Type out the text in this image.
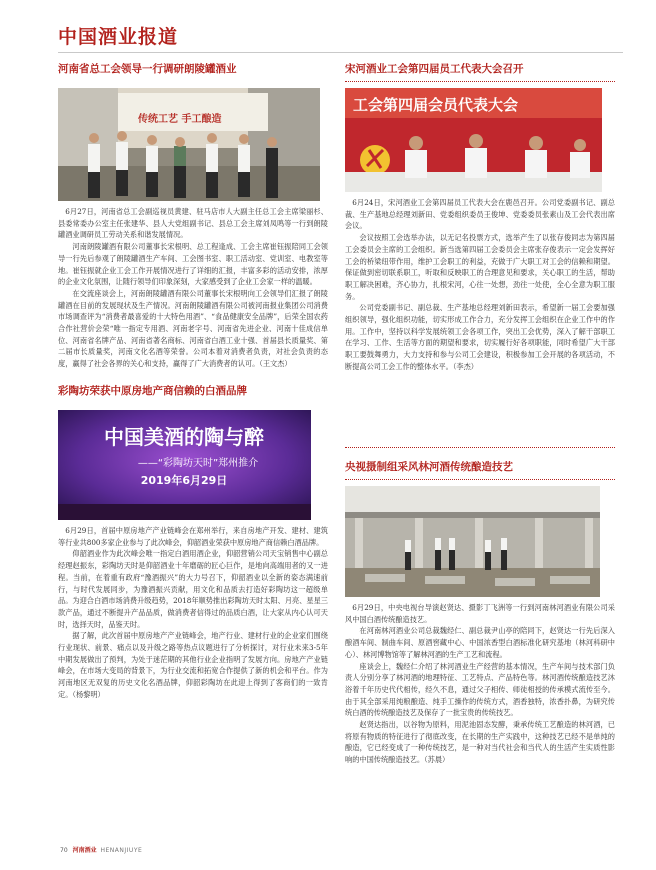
中国酒业报道
河南省总工会领导一行调研朗陵罐酒业
传统工艺 手工酿造

6月27日，河南省总工会副巡视员黄建、驻马店市人大副主任总工会主席梁丽杉、县委常委办公室主任张建华、县人大党组副书记、县总工会主席刘凤鸣等一行到朗陵罐酒业调研员工劳动关系和谐发展情况。

河南朗陵罐酒有限公司董事长宋根明、总工程逢成、工会主席崔钰振陪同工会领导一行先后参观了朗陵罐酒生产车间、工会图书室、职工活动室、党训室、电教室等地。崔钰振就企业工会工作开展情况进行了详细的汇报，丰富多彩的活动安排，浓厚的企业文化氛围，让随行领导们印象深刻，大家感受到了企业工会家一样的温暖。

在交流座谈会上，河南朗陵罐酒有限公司董事长宋根明向工会领导们汇报了朗陵罐酒在目前的发展现状及生产情况。河南朗陵罐酒有限公司被河南报业集团公司消费市场调查评为“消费者最喜爱的十大特色用酒”、“食品健康安全品牌”，后荣全国农药合作社营价会荣“唯一指定专用酒、河南老字号、河南省先进企业、河南十佳成信单位、河南省名牌产品、河南省著名商标、河南省白酒工业十强、首届县长质量奖、第二届市长质量奖，河南文化名酒等荣誉。公司本着对消费者负责，对社会负责的态度，赢得了社会各界的关心和支持，赢得了广大消费者的认可。（王文杰）

彩陶坊荣获中原房地产商信赖的白酒品牌
中国美酒的陶与醉
——“彩陶坊天时”郑州推介
2019年6月29日

6月29日，首届中原房地产产业链峰会在郑州举行，来自房地产开发、建材、建筑等行业共800多家企业参与了此次峰会，仰韶酒业荣获中原房地产商信赖白酒品牌。

仰韶酒业作为此次峰会唯一指定白酒用酒企业，仰韶营销公司天宝销售中心副总经理赵振东，彩陶坊天时是仰韶酒业十年磨砺的匠心巨作，是地向高端用者的又一进程。当前，在着重有政府“豫酒振兴”的大力号召下，仰韶酒业以全新的姿态满速前行，与时代发展同步，为豫酒振兴贡献，用文化和品质去打造好彩陶坊这一超级单品。为迎合白酒市场消费升级趋势，2018年顺势推出彩陶坊天时太阳、月亮、星星三款产品，通过不断提升产品品质，做消费者信得过的品质白酒，让大家从内心认可天时，选择天时，品鉴天时。

据了解，此次首届中原房地产产业链峰会，地产行业、建材行业的企业家们围绕行业现状、前景、痛点以及升级之路等热点议题进行了分析探讨，对行业未来3-5年中期发展做出了预判，为处于迷茫期的其他行业企业指明了发展方向。房地产产业链峰会，在市场大变局的背景下，为行业交流和拓宽合作提供了新的机会和平台。作为河南地区无双复的历史文化名酒品牌，仰韶彩陶坊在此迎上得到了客商们的一致肯定。（杨黎明）

宋河酒业工会第四届员工代表大会召开
工会第四届会员代表大会

6月24日，宋河酒业工会第四届员工代表大会在鹿邑召开。公司党委副书记、副总裁、生产基地总经理刘新田、党委组织委员王俊坤、党委委员张素山及工会代表出席会议。

会议按照工会选举办法，以无记名投票方式，选举产生了以张存俊同志为第四届工会委员会主席的工会组织。新当选第四届工会委员会主席张存俊表示一定会发挥好工会的桥梁纽带作用，维护工会职工的利益，充做于广大职工对工会的信赖和期望。保证做到密切联系职工，听取和反映职工的合理意见和要求，关心职工的生活，帮助职工解决困难，齐心协力，扎根宋河，心往一处想，劲往一处使，全心全意为职工服务。

公司党委副书记、副总裁、生产基地总经理刘新田表示，希望新一届工会要加强组织领导，强化组织功能，切实形成工作合力，充分发挥工会组织在企业工作中的作用。工作中，坚持以科学发展统领工会各项工作，突出工会优势，深入了解干部职工在学习、工作、生活等方面的期望和要求，切实履行好各项职能，同时希望广大干部职工要鼓舞勇力，大力支持和参与公司工会建设，积极参加工会开展的各项活动，不断提高公司工会工作的整体水平。（李杰）

央视摄制组采风林河酒传统酿造技艺

6月29日，中央电视台导演赵贤达、摄影丁飞洲等一行到河南林河酒业有限公司采风中国白酒传统酿造技艺。

在河南林河酒业公司总裁魏经仁、副总裁尹山亭的陪同下，赵贤达一行先后深入酿酒车间、制曲车间、原酒窖藏中心、中国浓香型白酒标准化研究基地（林河科研中心）、林河博物馆等了解林河酒的生产工艺和流程。

座谈会上，魏经仁介绍了林河酒业生产经营的基本情况，生产车间与技术部门负责人分别分享了林河酒的地理特征、工艺特点、产品特色等。林河酒传统酿造技艺沐浴着千年历史代代相传，经久不息，通过父子相传、师徒相授的传承模式流传至今。由于其全部采用纯粮酿造、纯手工操作的传统方式，酒香独特，浓香扑鼻，为研究传统白酒的传统酿造技艺及保存了一批宝贵的传统技艺。

赵贤达指出，以谷物为原料，用泥池固态发酵，秉承传统工艺酿造的林河酒，已将原有物质的特征进行了彻底改变，在长期的生产实践中，这种技艺已经不是单纯的酿造，它已经变成了一种传统技艺，是一种对当代社会和当代人的生活产生实质性影响的中国传统酿造技艺。（苏晨）

70 河南酒业 HENANJIUYE
